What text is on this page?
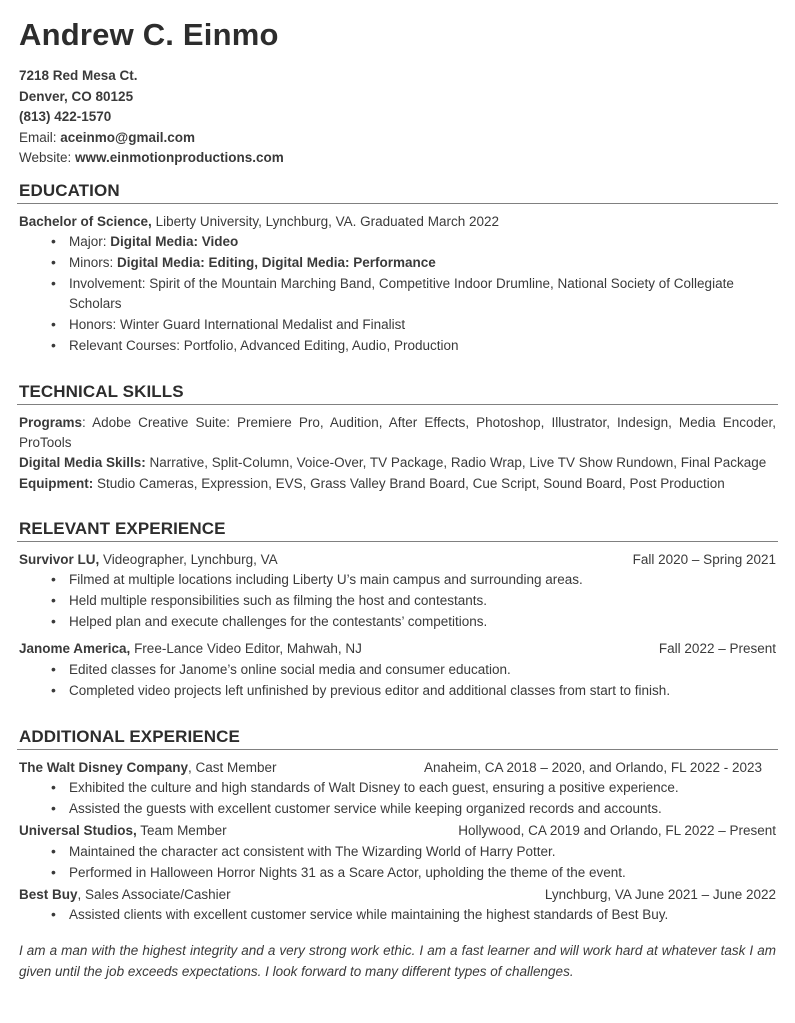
Andrew C. Einmo
7218 Red Mesa Ct.
Denver, CO 80125
(813) 422-1570
Email: aceinmo@gmail.com
Website: www.einmotionproductions.com
EDUCATION
Bachelor of Science, Liberty University, Lynchburg, VA. Graduated March 2022
• Major: Digital Media: Video
• Minors: Digital Media: Editing, Digital Media: Performance
• Involvement: Spirit of the Mountain Marching Band, Competitive Indoor Drumline, National Society of Collegiate Scholars
• Honors: Winter Guard International Medalist and Finalist
• Relevant Courses: Portfolio, Advanced Editing, Audio, Production
TECHNICAL SKILLS
Programs: Adobe Creative Suite: Premiere Pro, Audition, After Effects, Photoshop, Illustrator, Indesign, Media Encoder, ProTools
Digital Media Skills: Narrative, Split-Column, Voice-Over, TV Package, Radio Wrap, Live TV Show Rundown, Final Package
Equipment: Studio Cameras, Expression, EVS, Grass Valley Brand Board, Cue Script, Sound Board, Post Production
RELEVANT EXPERIENCE
Survivor LU, Videographer, Lynchburg, VA	Fall 2020 – Spring 2021
• Filmed at multiple locations including Liberty U’s main campus and surrounding areas.
• Held multiple responsibilities such as filming the host and contestants.
• Helped plan and execute challenges for the contestants’ competitions.
Janome America, Free-Lance Video Editor, Mahwah, NJ	Fall 2022 – Present
• Edited classes for Janome’s online social media and consumer education.
• Completed video projects left unfinished by previous editor and additional classes from start to finish.
ADDITIONAL EXPERIENCE
The Walt Disney Company, Cast Member	Anaheim, CA 2018 – 2020, and Orlando, FL 2022 - 2023
• Exhibited the culture and high standards of Walt Disney to each guest, ensuring a positive experience.
• Assisted the guests with excellent customer service while keeping organized records and accounts.
Universal Studios, Team Member	Hollywood, CA 2019 and Orlando, FL 2022 – Present
• Maintained the character act consistent with The Wizarding World of Harry Potter.
• Performed in Halloween Horror Nights 31 as a Scare Actor, upholding the theme of the event.
Best Buy, Sales Associate/Cashier	Lynchburg, VA June 2021 – June 2022
• Assisted clients with excellent customer service while maintaining the highest standards of Best Buy.
I am a man with the highest integrity and a very strong work ethic. I am a fast learner and will work hard at whatever task I am given until the job exceeds expectations. I look forward to many different types of challenges.
